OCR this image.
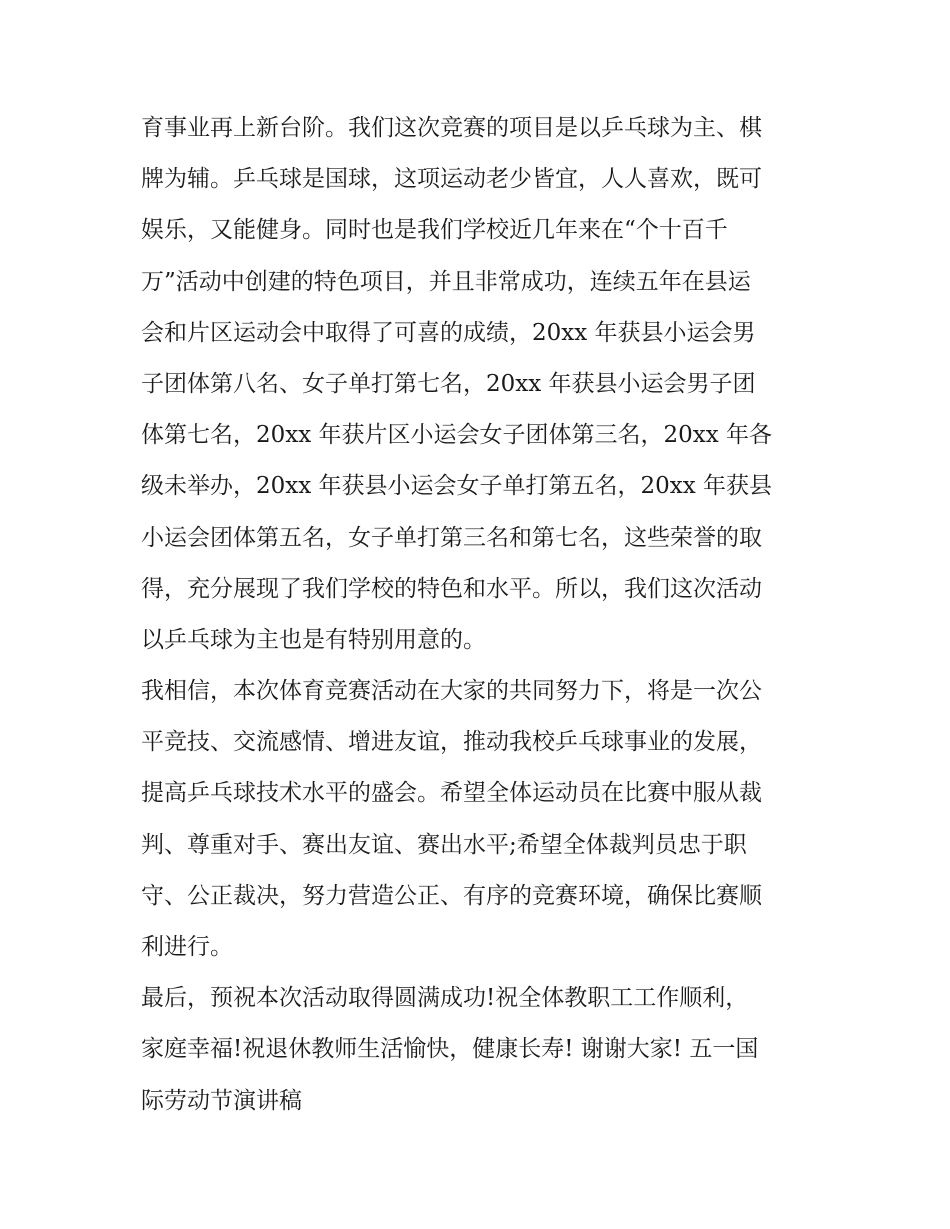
育事业再上新台阶。我们这次竞赛的项目是以乒乓球为主、棋
牌为辅。乒乓球是国球，这项运动老少皆宜，人人喜欢，既可
娱乐，又能健身。同时也是我们学校近几年来在“个十百千
万”活动中创建的特色项目，并且非常成功，连续五年在县运
会和片区运动会中取得了可喜的成绩，20xx 年获县小运会男
子团体第八名、女子单打第七名，20xx 年获县小运会男子团
体第七名，20xx 年获片区小运会女子团体第三名，20xx 年各
级未举办，20xx 年获县小运会女子单打第五名，20xx 年获县
小运会团体第五名，女子单打第三名和第七名，这些荣誉的取
得，充分展现了我们学校的特色和水平。所以，我们这次活动
以乒乓球为主也是有特别用意的。
我相信，本次体育竞赛活动在大家的共同努力下，将是一次公
平竞技、交流感情、增进友谊，推动我校乒乓球事业的发展，
提高乒乓球技术水平的盛会。希望全体运动员在比赛中服从裁
判、尊重对手、赛出友谊、赛出水平;希望全体裁判员忠于职
守、公正裁决，努力营造公正、有序的竞赛环境，确保比赛顺
利进行。
最后，预祝本次活动取得圆满成功!祝全体教职工工作顺利，
家庭幸福!祝退休教师生活愉快，健康长寿! 谢谢大家! 五一国
际劳动节演讲稿
